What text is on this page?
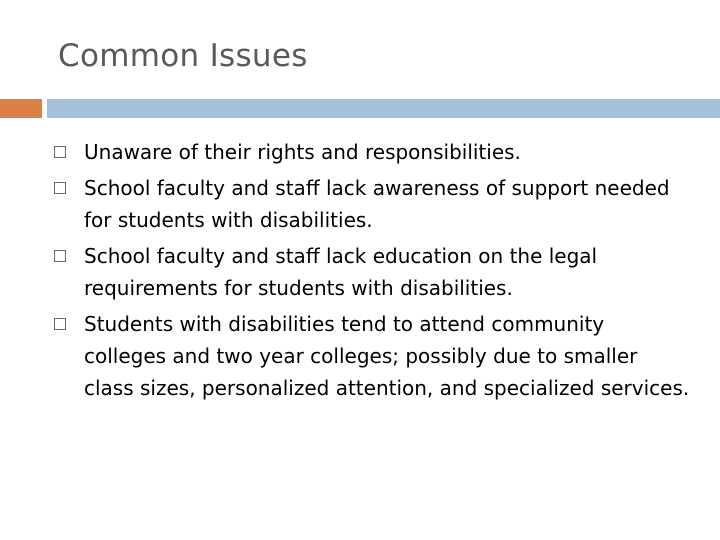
Common Issues
Unaware of their rights and responsibilities.
School faculty and staff lack awareness of support needed for students with disabilities.
School faculty and staff lack education on the legal requirements for students with disabilities.
Students with disabilities tend to attend community colleges and two year colleges; possibly due to smaller class sizes, personalized attention, and specialized services.
